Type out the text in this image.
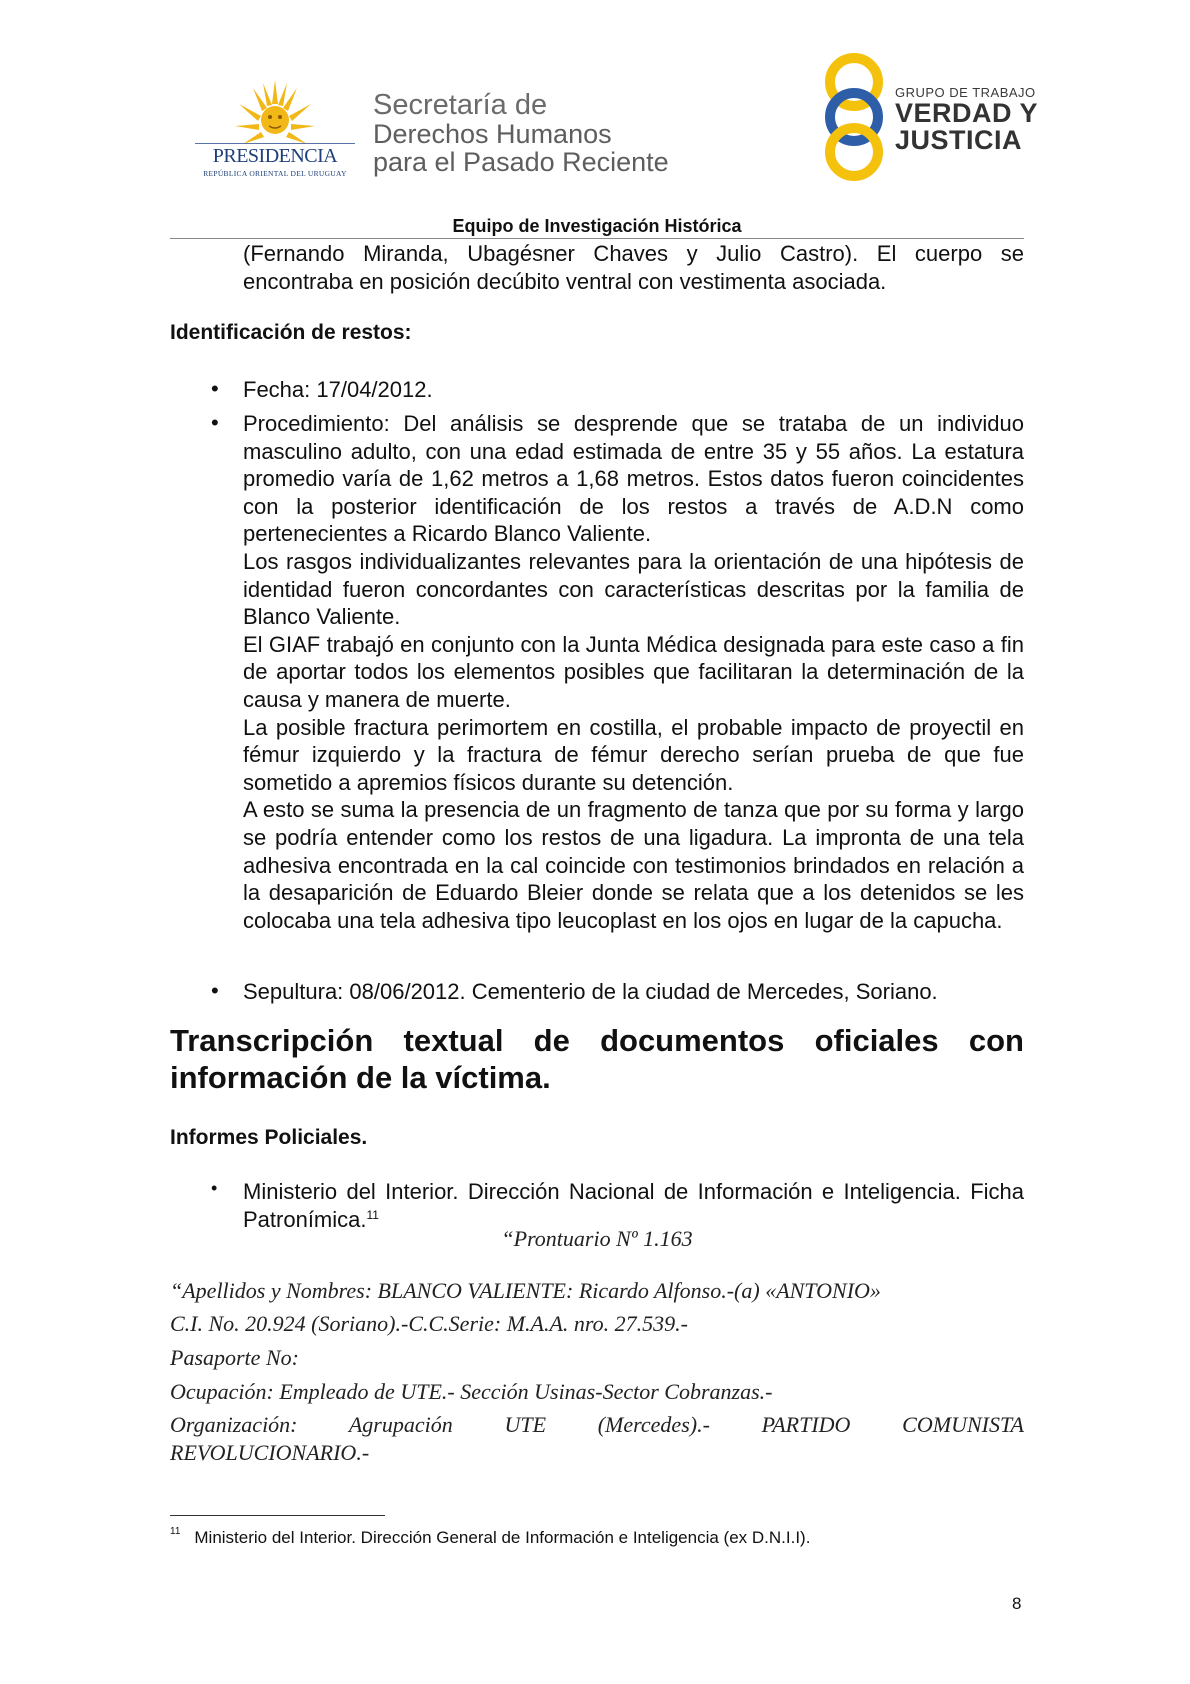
PRESIDENCIA
REPÚBLICA ORIENTAL DEL URUGUAY
Secretaría de
Derechos Humanos
para el Pasado Reciente
GRUPO DE TRABAJO
VERDAD Y
JUSTICIA
Equipo de Investigación Histórica
(Fernando Miranda, Ubagésner Chaves y Julio Castro). El cuerpo se encontraba en posición decúbito ventral con vestimenta asociada.
Identificación de restos:
• Fecha: 17/04/2012.
• Procedimiento: Del análisis se desprende que se trataba de un individuo masculino adulto, con una edad estimada de entre 35 y 55 años. La estatura promedio varía de 1,62 metros a 1,68 metros. Estos datos fueron coincidentes con la posterior identificación de los restos a través de A.D.N como pertenecientes a Ricardo Blanco Valiente.

Los rasgos individualizantes relevantes para la orientación de una hipótesis de identidad fueron concordantes con características descritas por la familia de Blanco Valiente.

El GIAF trabajó en conjunto con la Junta Médica designada para este caso a fin de aportar todos los elementos posibles que facilitaran la determinación de la causa y manera de muerte.

La posible fractura perimortem en costilla, el probable impacto de proyectil en fémur izquierdo y la fractura de fémur derecho serían prueba de que fue sometido a apremios físicos durante su detención.

A esto se suma la presencia de un fragmento de tanza que por su forma y largo se podría entender como los restos de una ligadura. La impronta de una tela adhesiva encontrada en la cal coincide con testimonios brindados en relación a la desaparición de Eduardo Bleier donde se relata que a los detenidos se les colocaba una tela adhesiva tipo leucoplast en los ojos en lugar de la capucha.

• Sepultura: 08/06/2012. Cementerio de la ciudad de Mercedes, Soriano.
Transcripción textual de documentos oficiales con información de la víctima.
Informes Policiales.
• Ministerio del Interior. Dirección Nacional de Información e Inteligencia. Ficha Patronímica.$^{11}$
“Prontuario Nº 1.163
“Apellidos y Nombres: BLANCO VALIENTE: Ricardo Alfonso.-(a) «ANTONIO»
C.I. No. 20.924 (Soriano).-C.C.Serie: M.A.A. nro. 27.539.-
Pasaporte No:
Ocupación: Empleado de UTE.- Sección Usinas-Sector Cobranzas.-
Organización: Agrupación UTE (Mercedes).- PARTIDO COMUNISTA
REVOLUCIONARIO.-
$^{11}$ Ministerio del Interior. Dirección General de Información e Inteligencia (ex D.N.I.I).
8
